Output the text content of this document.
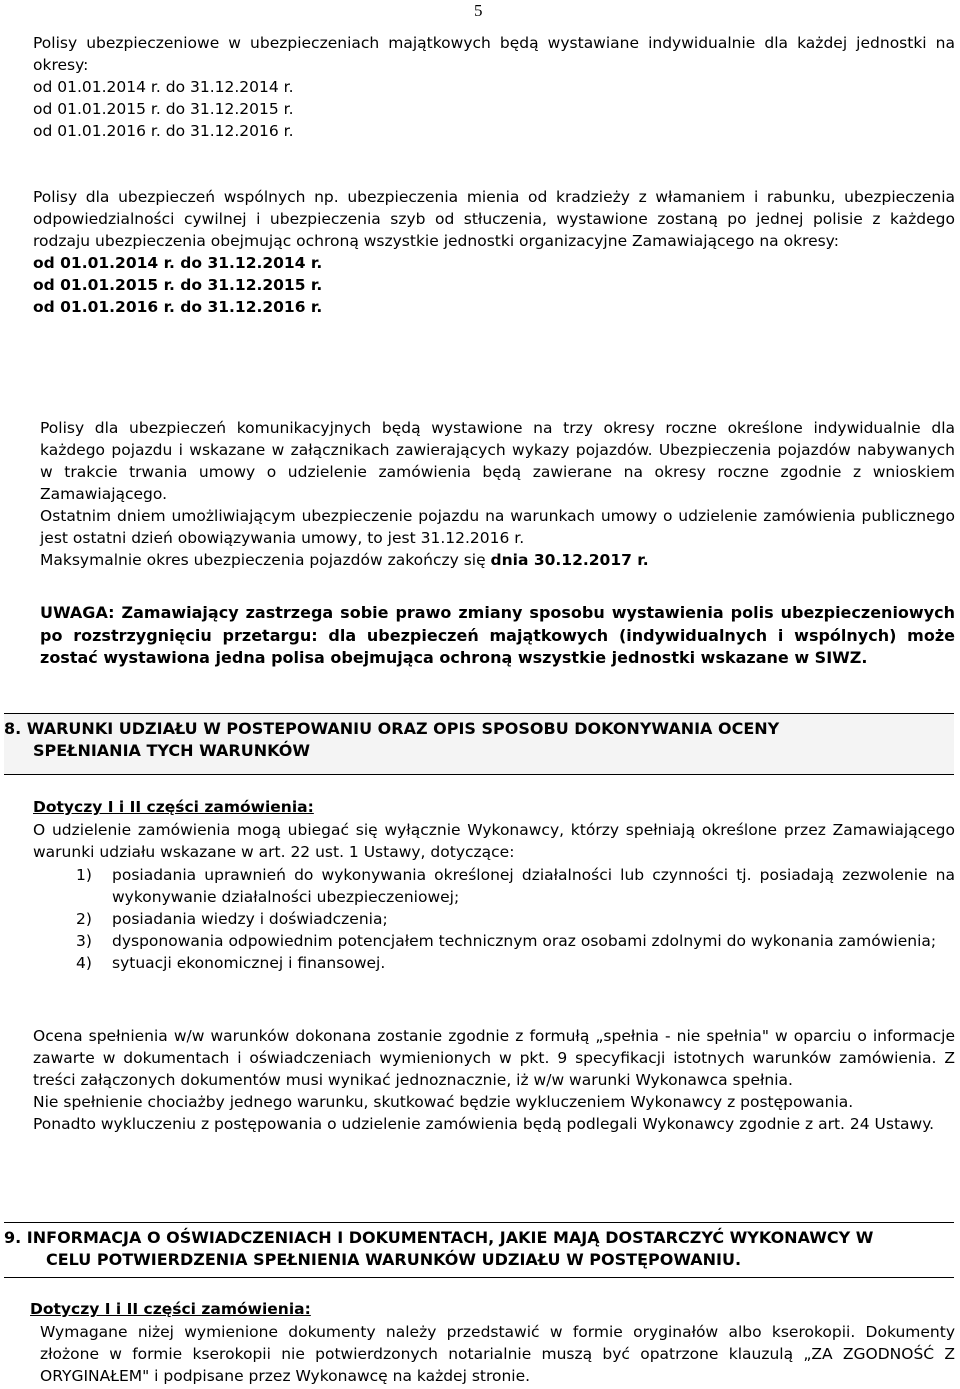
5
Polisy ubezpieczeniowe w ubezpieczeniach majątkowych będą wystawiane indywidualnie dla każdej jednostki na okresy:
od 01.01.2014 r. do 31.12.2014 r.
od 01.01.2015 r. do 31.12.2015 r.
od 01.01.2016 r. do 31.12.2016 r.
Polisy dla ubezpieczeń wspólnych np. ubezpieczenia mienia od kradzieży z włamaniem i rabunku, ubezpieczenia odpowiedzialności cywilnej i ubezpieczenia szyb od stłuczenia, wystawione zostaną po jednej polisie z każdego rodzaju ubezpieczenia obejmując ochroną wszystkie jednostki organizacyjne Zamawiającego na okresy:
od 01.01.2014 r. do 31.12.2014 r.
od 01.01.2015 r. do 31.12.2015 r.
od 01.01.2016 r. do 31.12.2016 r.
Polisy dla ubezpieczeń komunikacyjnych będą wystawione na trzy okresy roczne określone indywidualnie dla każdego pojazdu i wskazane w załącznikach zawierających wykazy pojazdów. Ubezpieczenia pojazdów nabywanych w trakcie trwania umowy o udzielenie zamówienia będą zawierane na okresy roczne zgodnie z wnioskiem Zamawiającego.
Ostatnim dniem umożliwiającym ubezpieczenie pojazdu na warunkach umowy o udzielenie zamówienia publicznego jest ostatni dzień obowiązywania umowy, to jest 31.12.2016 r.
Maksymalnie okres ubezpieczenia pojazdów zakończy się dnia 30.12.2017 r.
UWAGA: Zamawiający zastrzega sobie prawo zmiany sposobu wystawienia polis ubezpieczeniowych po rozstrzygnięciu przetargu: dla ubezpieczeń majątkowych (indywidualnych i wspólnych) może zostać wystawiona jedna polisa obejmująca ochroną wszystkie jednostki wskazane w SIWZ.
8. WARUNKI UDZIAŁU W POSTEPOWANIU ORAZ OPIS SPOSOBU DOKONYWANIA OCENY
SPEŁNIANIA TYCH WARUNKÓW
Dotyczy I i II części zamówienia:
O udzielenie zamówienia mogą ubiegać się wyłącznie Wykonawcy, którzy spełniają określone przez Zamawiającego warunki udziału wskazane w art. 22 ust. 1 Ustawy, dotyczące:
1) posiadania uprawnień do wykonywania określonej działalności lub czynności tj. posiadają zezwolenie na wykonywanie działalności ubezpieczeniowej;
2) posiadania wiedzy i doświadczenia;
3) dysponowania odpowiednim potencjałem technicznym oraz osobami zdolnymi do wykonania zamówienia;
4) sytuacji ekonomicznej i finansowej.
Ocena spełnienia w/w warunków dokonana zostanie zgodnie z formułą „spełnia - nie spełnia" w oparciu o informacje zawarte w dokumentach i oświadczeniach wymienionych w pkt. 9 specyfikacji istotnych warunków zamówienia. Z treści załączonych dokumentów musi wynikać jednoznacznie, iż w/w warunki Wykonawca spełnia.
Nie spełnienie chociażby jednego warunku, skutkować będzie wykluczeniem Wykonawcy z postępowania.
Ponadto wykluczeniu z postępowania o udzielenie zamówienia będą podlegali Wykonawcy zgodnie z art. 24 Ustawy.
9. INFORMACJA O OŚWIADCZENIACH I DOKUMENTACH, JAKIE MAJĄ DOSTARCZYĆ WYKONAWCY W
CELU POTWIERDZENIA SPEŁNIENIA WARUNKÓW UDZIAŁU W POSTĘPOWANIU.
Dotyczy I i II części zamówienia:
Wymagane niżej wymienione dokumenty należy przedstawić w formie oryginałów albo kserokopii. Dokumenty złożone w formie kserokopii nie potwierdzonych notarialnie muszą być opatrzone klauzulą „ZA ZGODNOŚĆ Z ORYGINAŁEM" i podpisane przez Wykonawcę na każdej stronie.
